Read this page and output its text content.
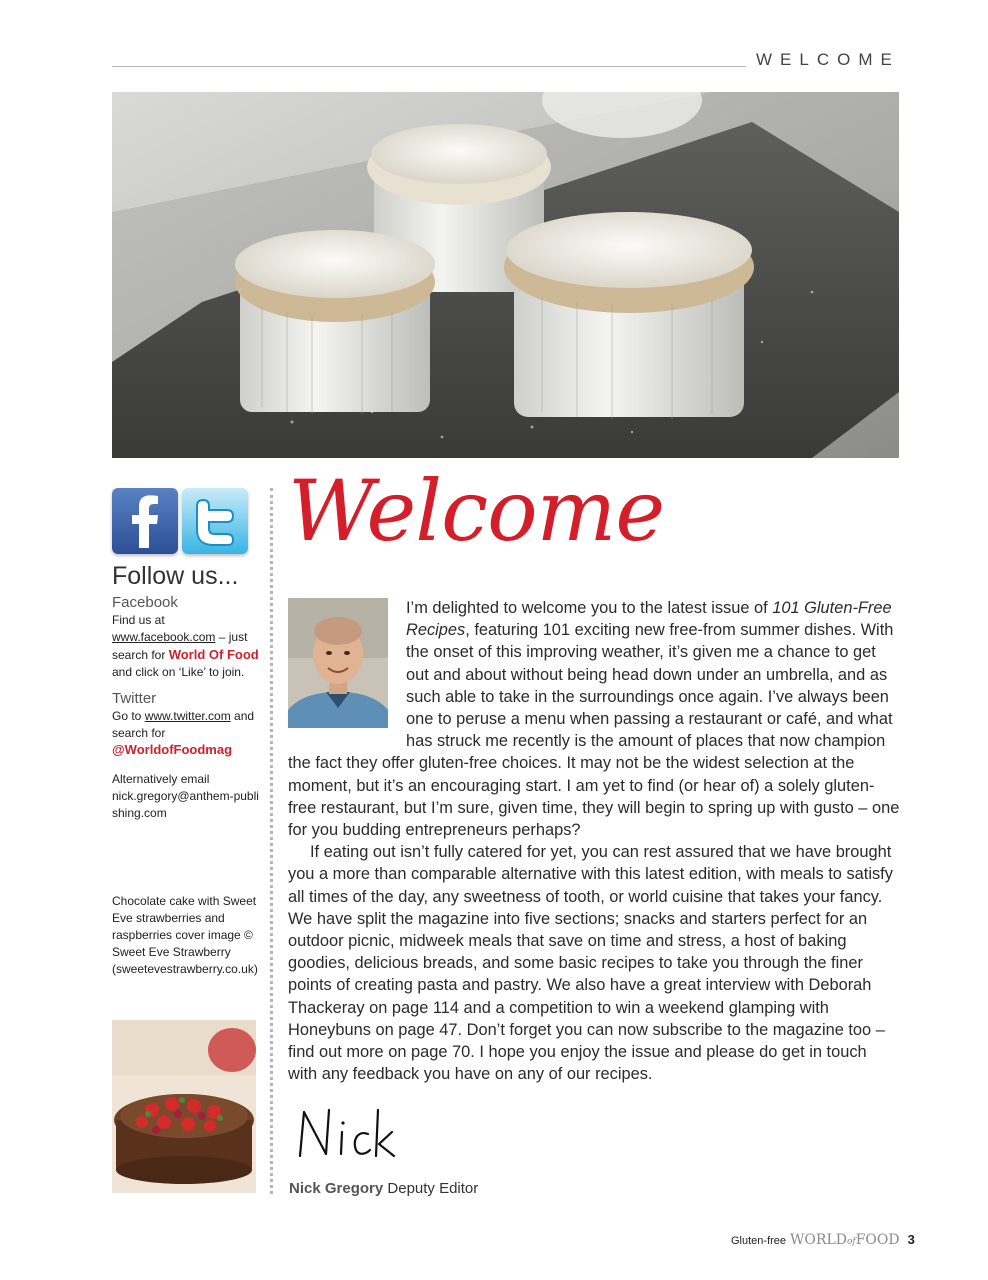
WELCOME
Follow us...
Facebook
Find us at www.facebook.com – just search for World Of Food and click on ‘Like’ to join.
Twitter
Go to www.twitter.com and search for
@WorldofFoodmag
Alternatively email
nick.gregory@anthem-publishing.com
Chocolate cake with Sweet Eve strawberries and raspberries cover image © Sweet Eve Strawberry (sweetevestrawberry.co.uk)
Welcome

I’m delighted to welcome you to the latest issue of 101 Gluten-Free Recipes, featuring 101 exciting new free-from summer dishes. With the onset of this improving weather, it’s given me a chance to get out and about without being head down under an umbrella, and as such able to take in the surroundings once again. I’ve always been one to peruse a menu when passing a restaurant or café, and what has struck me recently is the amount of places that now champion the fact they offer gluten-free choices. It may not be the widest selection at the moment, but it’s an encouraging start. I am yet to find (or hear of) a solely gluten-free restaurant, but I’m sure, given time, they will begin to spring up with gusto – one for you budding entrepreneurs perhaps?

If eating out isn’t fully catered for yet, you can rest assured that we have brought you a more than comparable alternative with this latest edition, with meals to satisfy all times of the day, any sweetness of tooth, or world cuisine that takes your fancy. We have split the magazine into five sections; snacks and starters perfect for an outdoor picnic, midweek meals that save on time and stress, a host of baking goodies, delicious breads, and some basic recipes to take you through the finer points of creating pasta and pastry. We also have a great interview with Deborah Thackeray on page 114 and a competition to win a weekend glamping with Honeybuns on page 47. Don’t forget you can now subscribe to the magazine too – find out more on page 70. I hope you enjoy the issue and please do get in touch with any feedback you have on any of our recipes.

Nick Gregory Deputy Editor
Gluten-free WORLDofFOOD 3
